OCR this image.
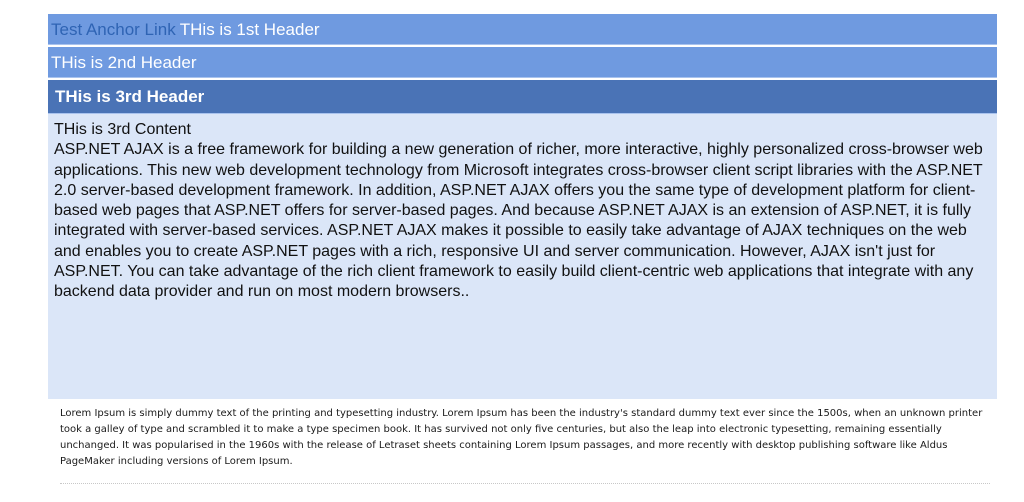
Test Anchor Link THis is 1st Header
THis is 2nd Header
THis is 3rd Header
THis is 3rd Content
ASP.NET AJAX is a free framework for building a new generation of richer, more interactive, highly personalized cross-browser web applications. This new web development technology from Microsoft integrates cross-browser client script libraries with the ASP.NET 2.0 server-based development framework. In addition, ASP.NET AJAX offers you the same type of development platform for client-based web pages that ASP.NET offers for server-based pages. And because ASP.NET AJAX is an extension of ASP.NET, it is fully integrated with server-based services. ASP.NET AJAX makes it possible to easily take advantage of AJAX techniques on the web and enables you to create ASP.NET pages with a rich, responsive UI and server communication. However, AJAX isn't just for ASP.NET. You can take advantage of the rich client framework to easily build client-centric web applications that integrate with any backend data provider and run on most modern browsers..
Lorem Ipsum is simply dummy text of the printing and typesetting industry. Lorem Ipsum has been the industry's standard dummy text ever since the 1500s, when an unknown printer took a galley of type and scrambled it to make a type specimen book. It has survived not only five centuries, but also the leap into electronic typesetting, remaining essentially unchanged. It was popularised in the 1960s with the release of Letraset sheets containing Lorem Ipsum passages, and more recently with desktop publishing software like Aldus PageMaker including versions of Lorem Ipsum.
